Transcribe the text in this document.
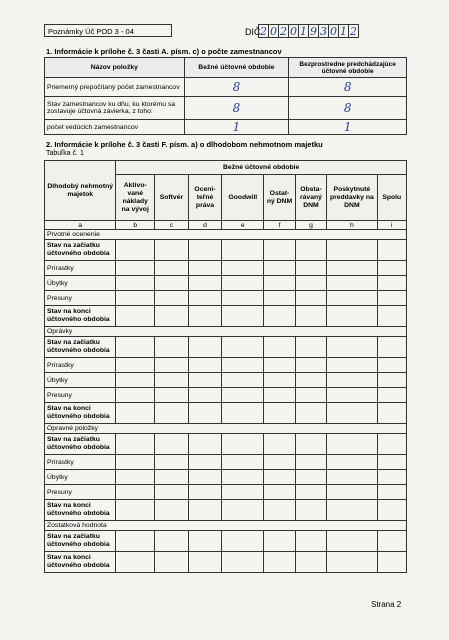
Poznámky Úč POD 3 - 04	DIČ 2 0 2 0 1 9 3 0 1 2
1. Informácie k prílohe č. 3 časti A. písm. c) o počte zamestnancov
Názov položky	Bežné účtovné obdobie	Bezprostredne predchádzajúce účtovné obdobie
Priemerný prepočítaný počet zamestnancov	8	8
Stav zamestnancov ku dňu, ku ktorému sa zostavuje účtovná závierka, z toho:	8	8
počet vedúcich zamestnancov	1	1
2. Informácie k prílohe č. 3 časti F. písm. a) o dlhodobom nehmotnom majetku
Tabuľka č. 1
Dlhodobý nehmotný majetok	Bežné účtovné obdobie							
	Aktivo-vané náklady na vývoj	Softvér	Oceni-teľné práva	Goodwill	Ostat-ný DNM	Obsta-rávaný DNM	Poskytnuté preddavky na DNM	Spolu
a	b	c	d	e	f	g	h	i
Prvotné ocenenie								
Stav na začiatku účtovného obdobia								
Prírastky								
Úbytky								
Presuny								
Stav na konci účtovného obdobia								
Oprávky								
Stav na začiatku účtovného obdobia								
Prírastky								
Úbytky								
Presuny								
Stav na konci účtovného obdobia								
Opravné položky								
Stav na začiatku účtovného obdobia								
Prírastky								
Úbytky								
Presuny								
Stav na konci účtovného obdobia								
Zostatková hodnota								
Stav na začiatku účtovného obdobia								
Stav na konci účtovného obdobia								
Strana 2
